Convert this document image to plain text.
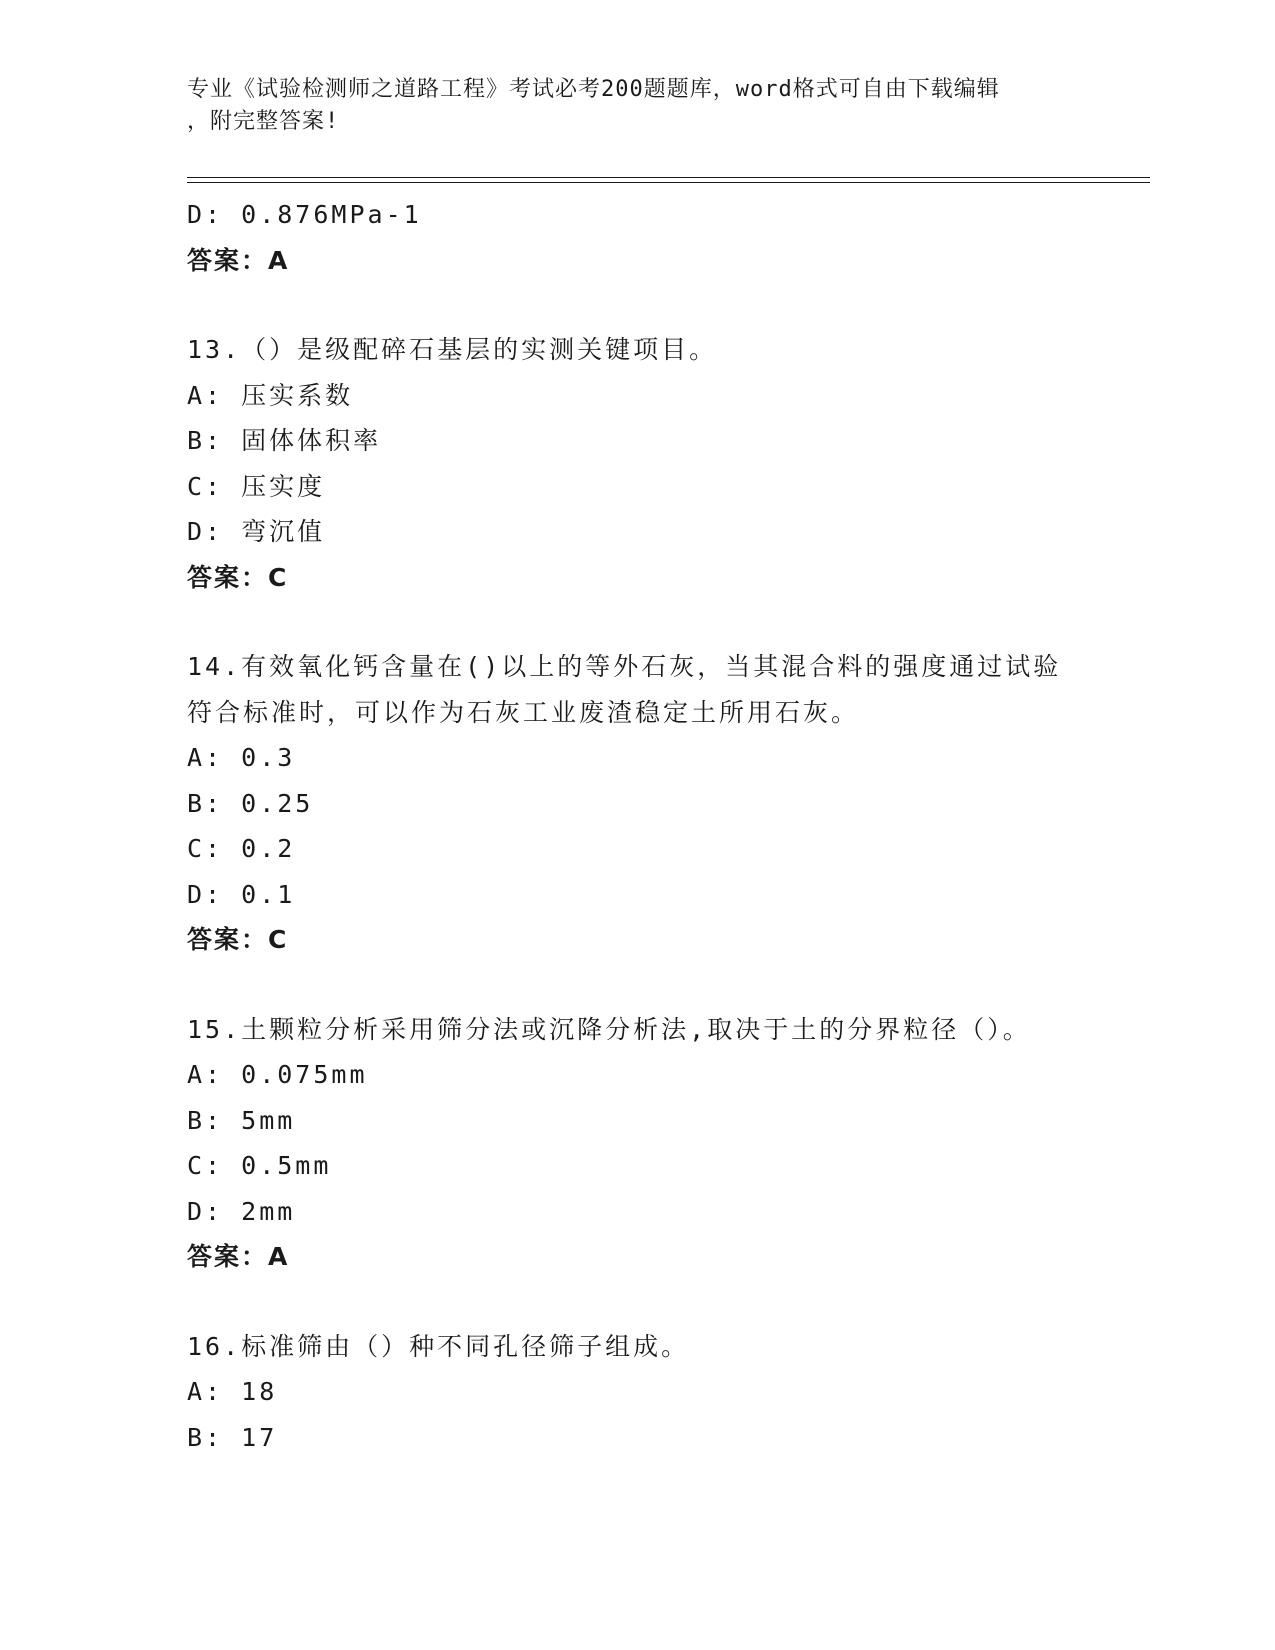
专业《试验检测师之道路工程》考试必考200题题库，word格式可自由下载编辑
，附完整答案!
D: 0.876MPa-1
答案：A
13.（）是级配碎石基层的实测关键项目。
A: 压实系数
B: 固体体积率
C: 压实度
D: 弯沉值
答案：C
14.有效氧化钙含量在()以上的等外石灰，当其混合料的强度通过试验
符合标准时，可以作为石灰工业废渣稳定土所用石灰。
A: 0.3
B: 0.25
C: 0.2
D: 0.1
答案：C
15.土颗粒分析采用筛分法或沉降分析法,取决于土的分界粒径（）。
A: 0.075mm
B: 5mm
C: 0.5mm
D: 2mm
答案：A
16.标准筛由（）种不同孔径筛子组成。
A: 18
B: 17
